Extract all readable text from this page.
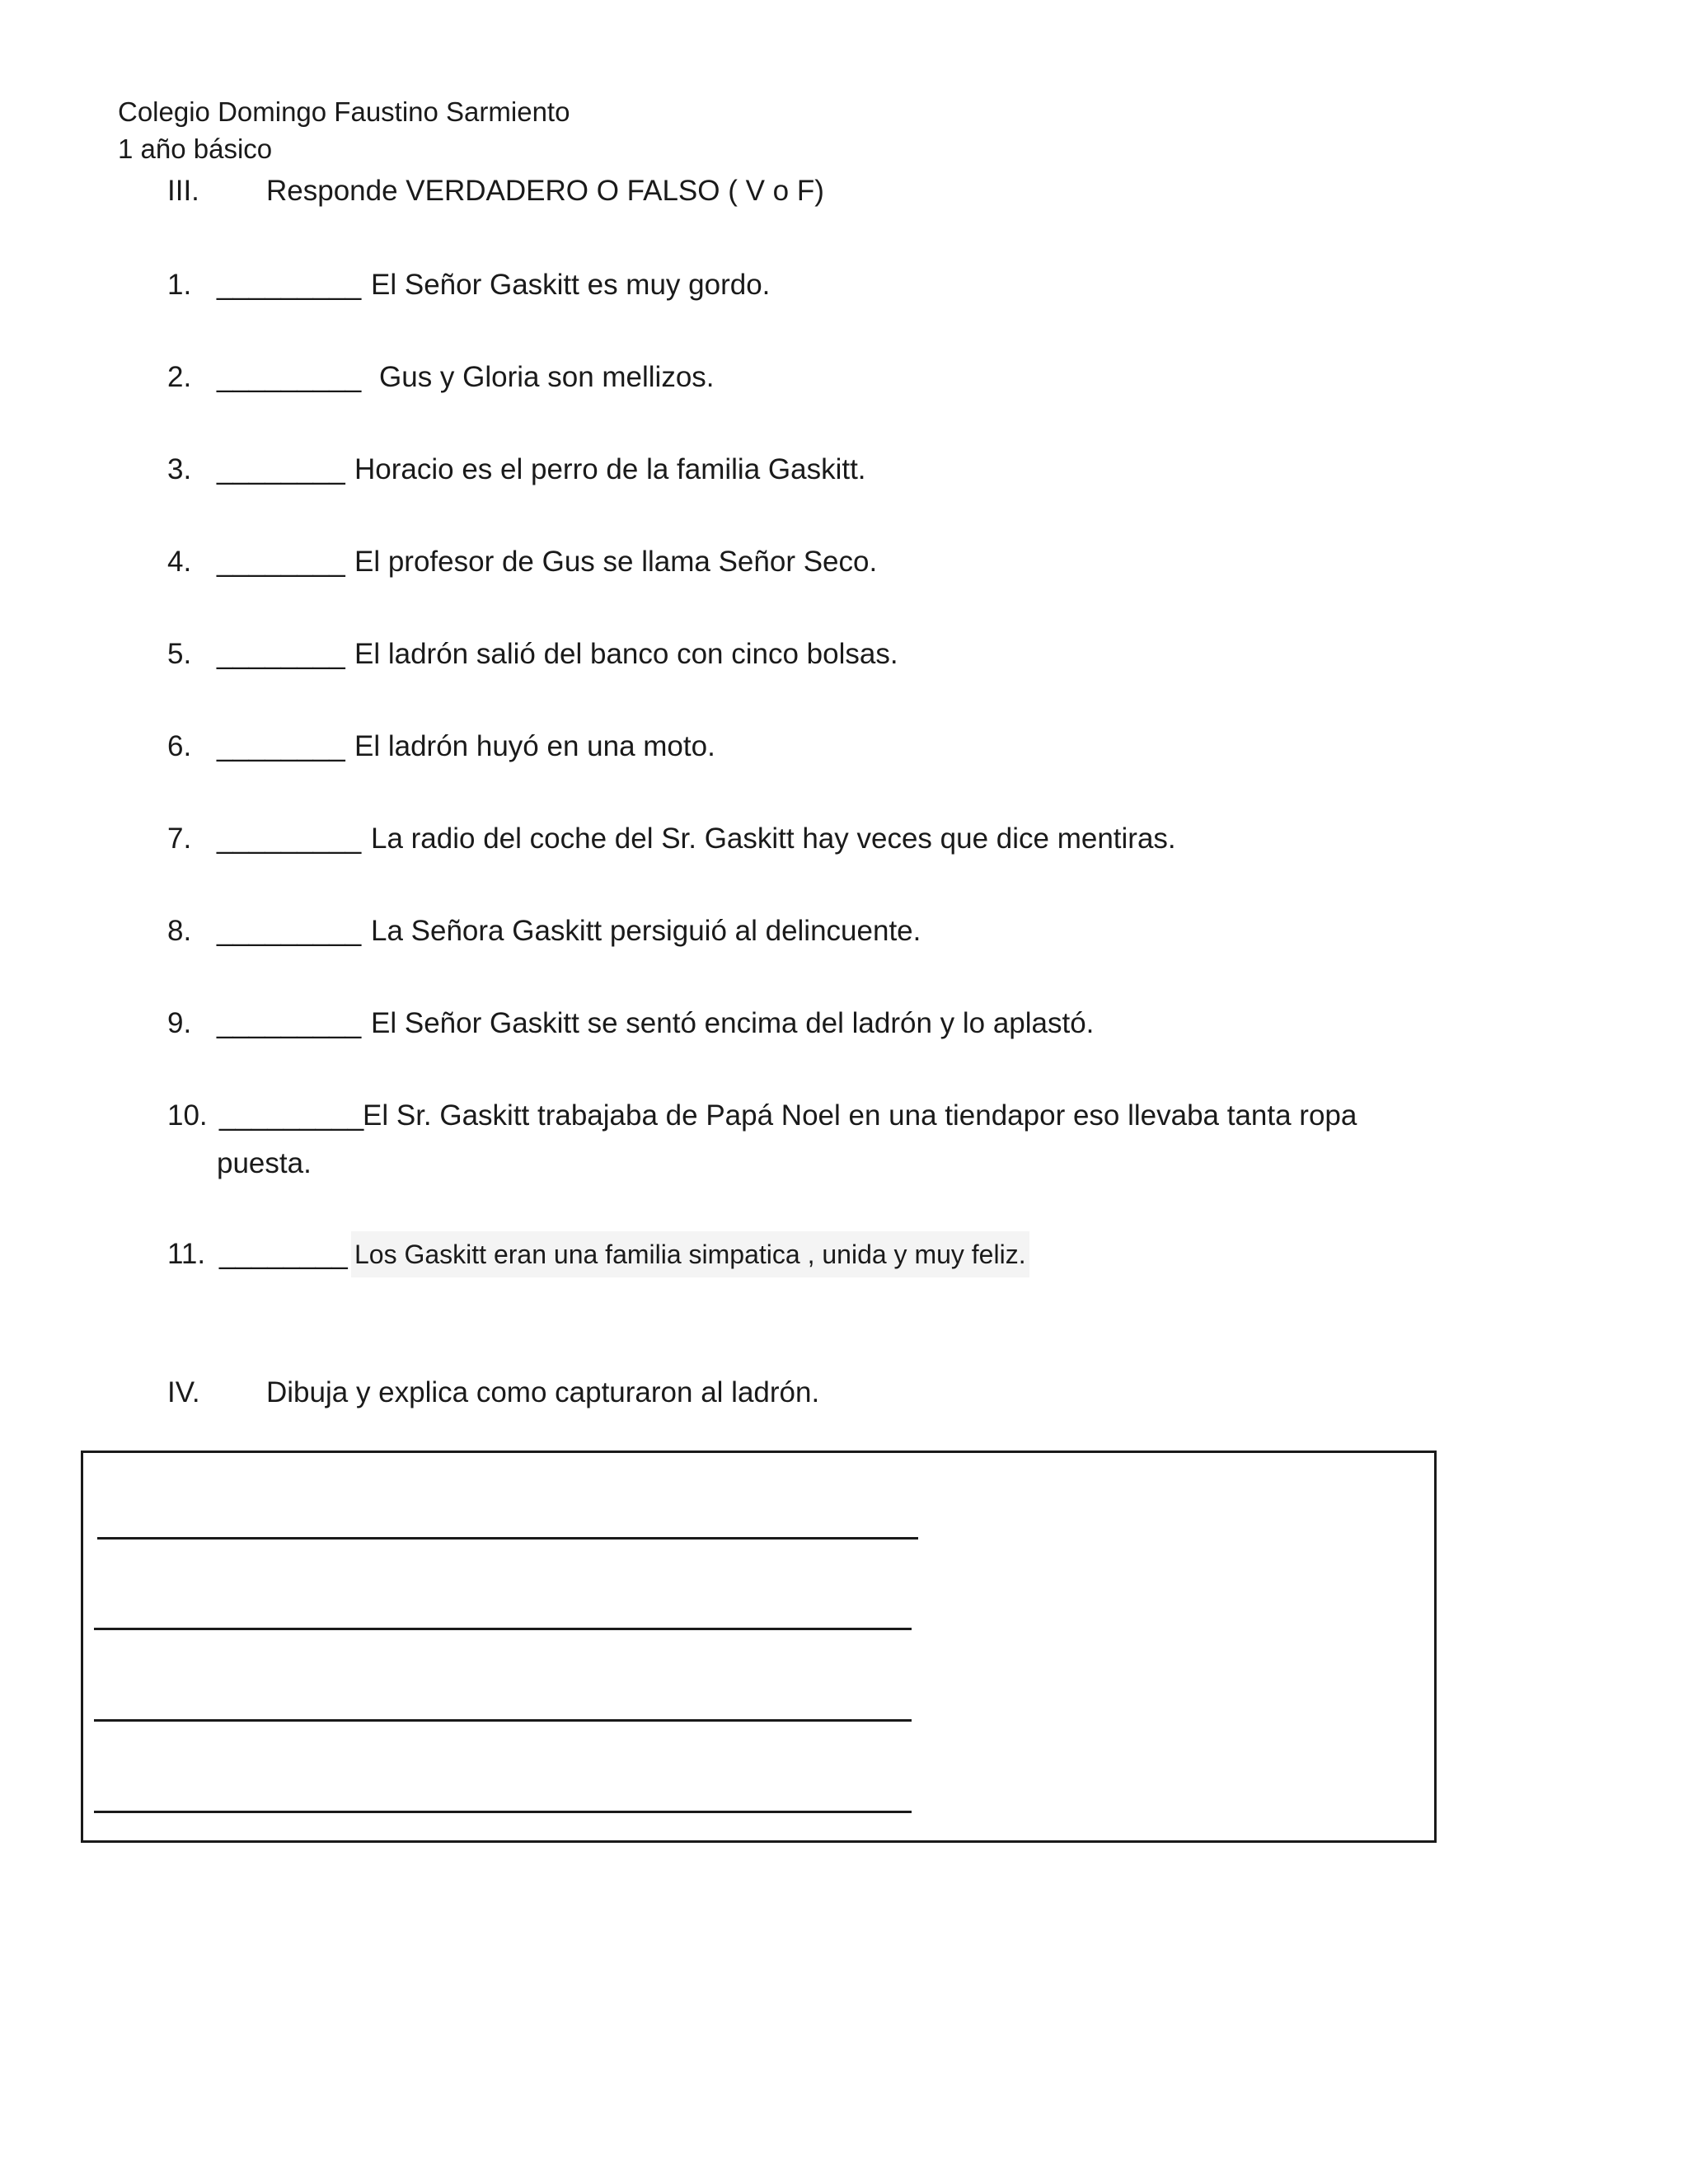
Colegio Domingo Faustino Sarmiento
1 año básico
III. Responde VERDADERO O FALSO ( V o F)
1. _________ El Señor Gaskitt es muy gordo.
2. _________ Gus y Gloria son mellizos.
3. ________ Horacio es el perro de la familia Gaskitt.
4. ________ El profesor de Gus se llama Señor Seco.
5. ________ El ladrón salió del banco con cinco bolsas.
6. ________ El ladrón huyó en una moto.
7. _________ La radio del coche del Sr. Gaskitt hay veces que dice mentiras.
8. _________ La Señora Gaskitt persiguió al delincuente.
9. _________ El Señor Gaskitt se sentó encima del ladrón y lo aplastó.
10. _________
El Sr. Gaskitt trabajaba de Papá Noel en una tiendapor eso llevaba tanta ropa
puesta.
11. ________ Los Gaskitt eran una familia simpatica , unida y muy feliz.
IV. Dibuja y explica como capturaron al ladrón.
